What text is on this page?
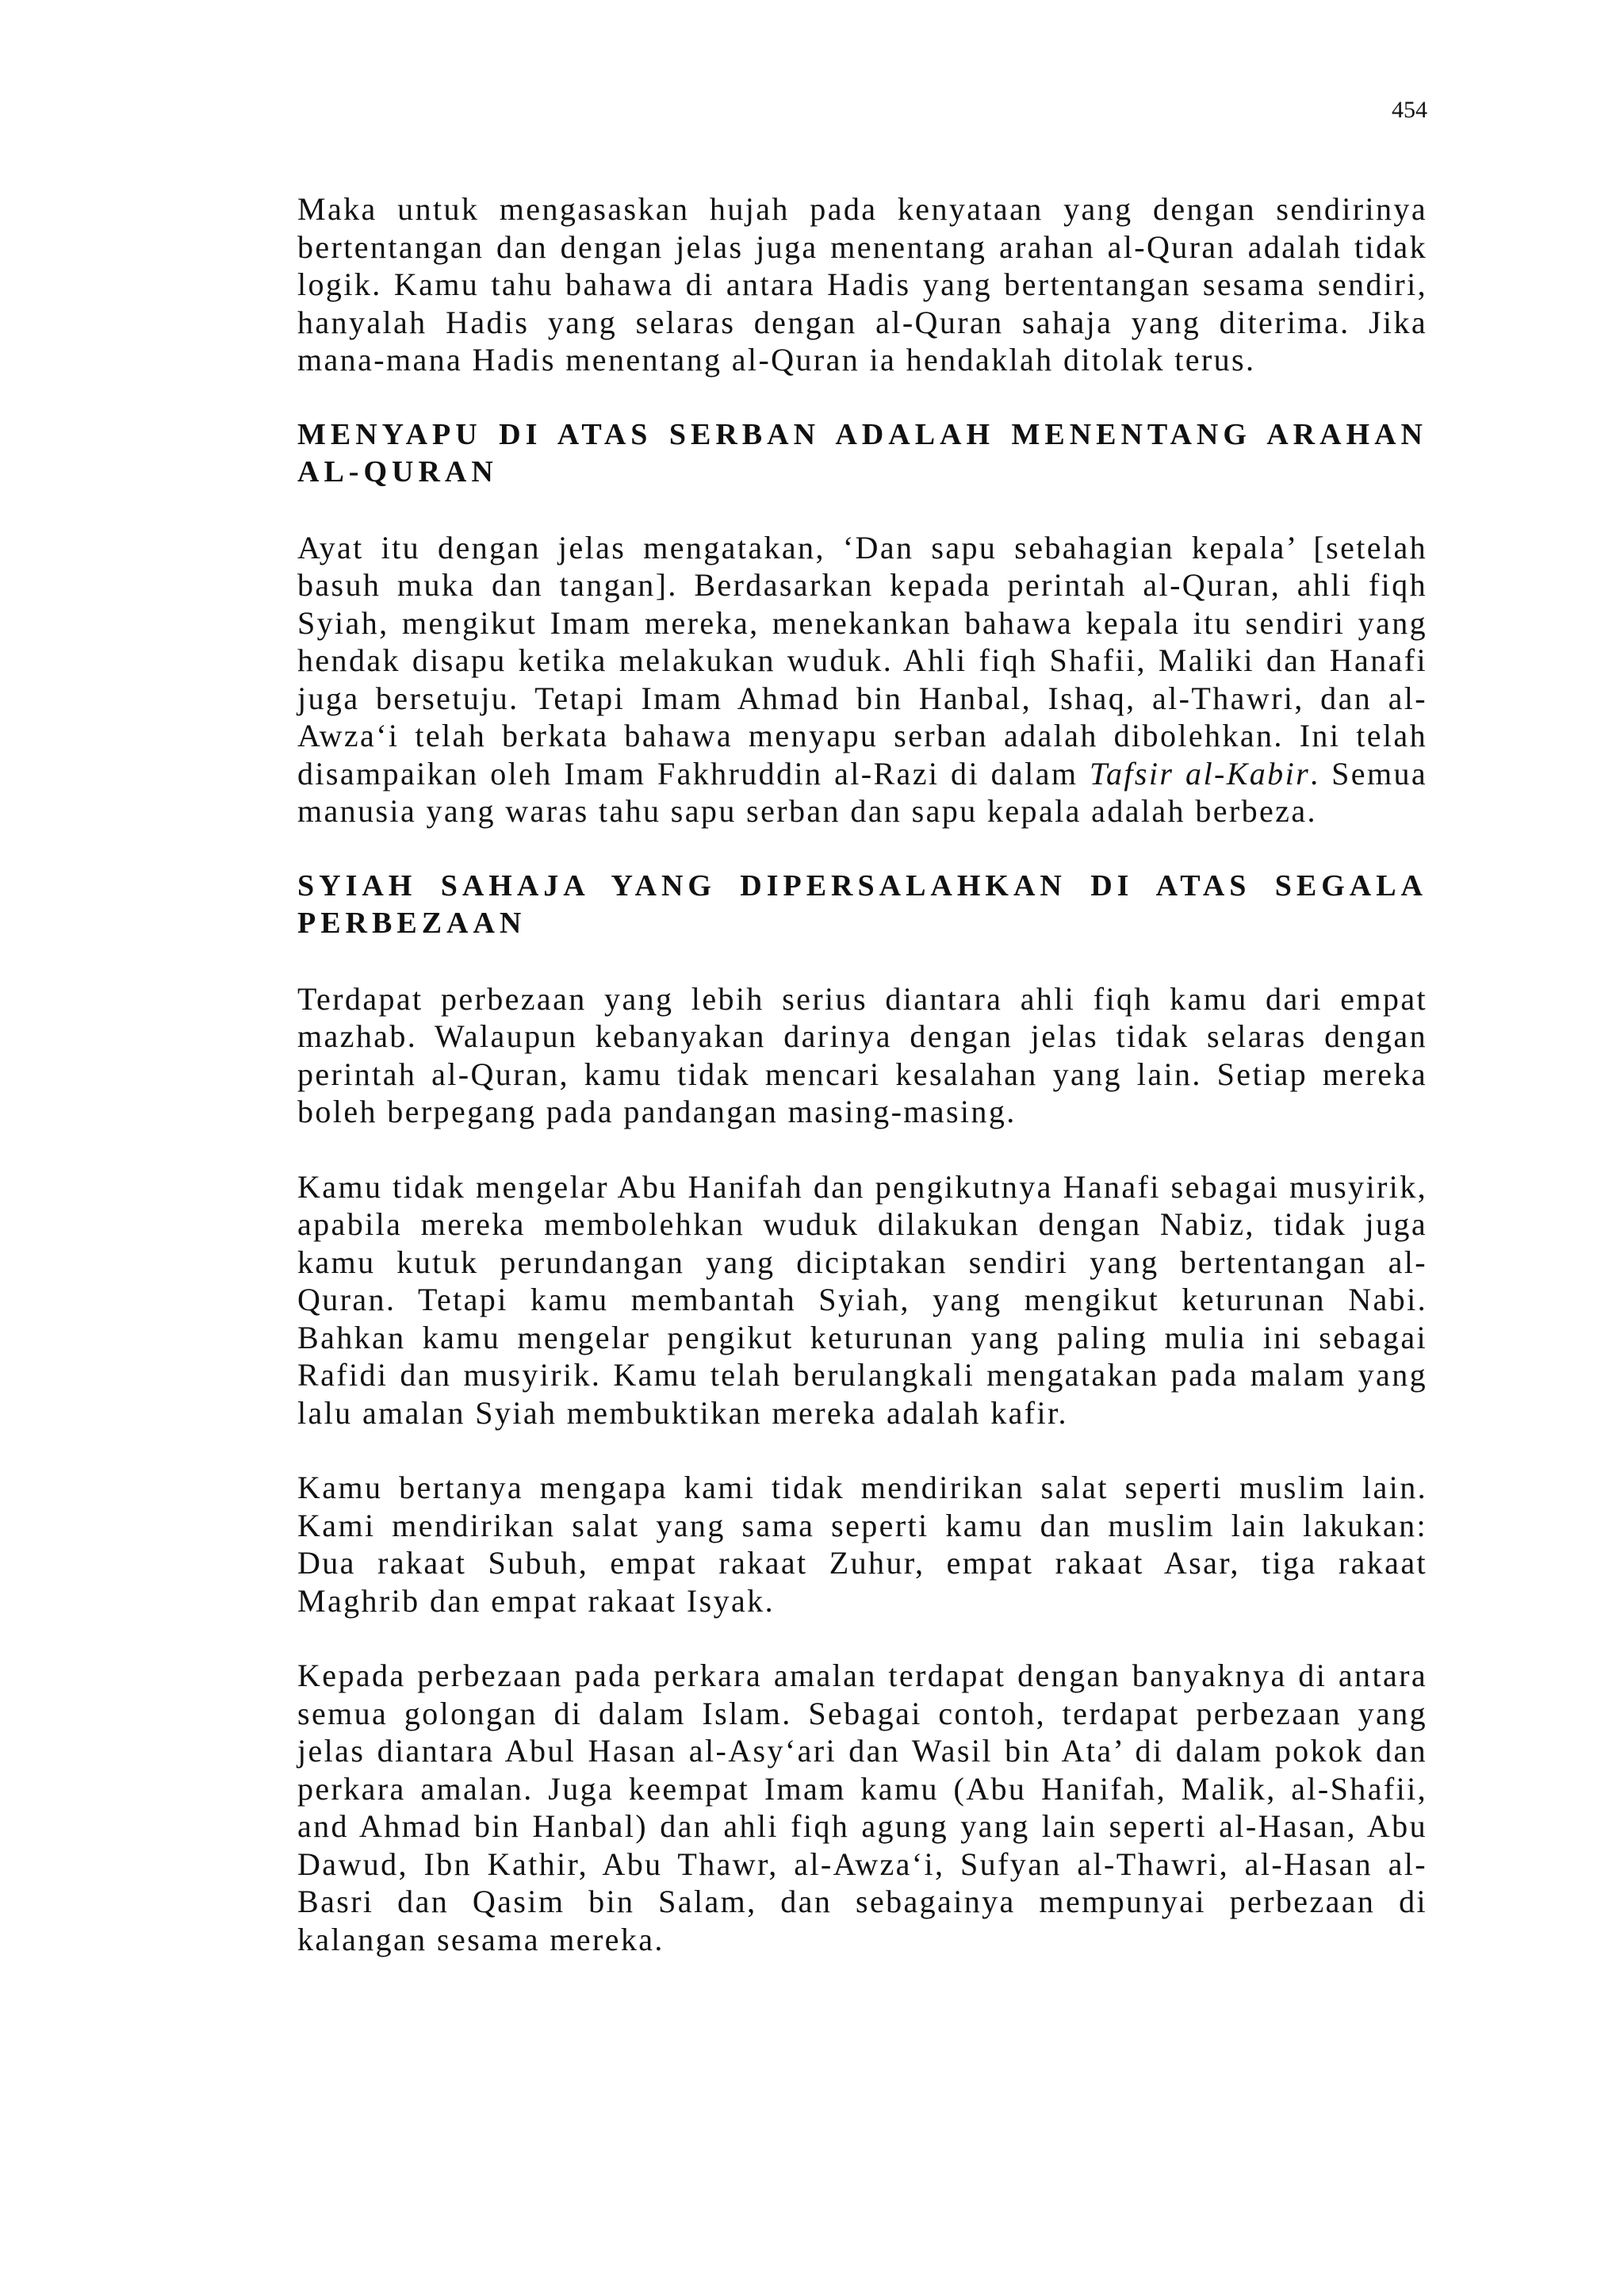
454

Maka untuk mengasaskan hujah pada kenyataan yang dengan sendirinya bertentangan dan dengan jelas juga menentang arahan al-Quran adalah tidak logik. Kamu tahu bahawa di antara Hadis yang bertentangan sesama sendiri, hanyalah Hadis yang selaras dengan al-Quran sahaja yang diterima. Jika mana-mana Hadis menentang al-Quran ia hendaklah ditolak terus.

MENYAPU DI ATAS SERBAN ADALAH MENENTANG ARAHAN AL-QURAN

Ayat itu dengan jelas mengatakan, ‘Dan sapu sebahagian kepala’ [setelah basuh muka dan tangan]. Berdasarkan kepada perintah al-Quran, ahli fiqh Syiah, mengikut Imam mereka, menekankan bahawa kepala itu sendiri yang hendak disapu ketika melakukan wuduk. Ahli fiqh Shafii, Maliki dan Hanafi juga bersetuju. Tetapi Imam Ahmad bin Hanbal, Ishaq, al-Thawri, dan al-Awza‘i telah berkata bahawa menyapu serban adalah dibolehkan. Ini telah disampaikan oleh Imam Fakhruddin al-Razi di dalam Tafsir al-Kabir. Semua manusia yang waras tahu sapu serban dan sapu kepala adalah berbeza.

SYIAH SAHAJA YANG DIPERSALAHKAN DI ATAS SEGALA PERBEZAAN

Terdapat perbezaan yang lebih serius diantara ahli fiqh kamu dari empat mazhab. Walaupun kebanyakan darinya dengan jelas tidak selaras dengan perintah al-Quran, kamu tidak mencari kesalahan yang lain. Setiap mereka boleh berpegang pada pandangan masing-masing.

Kamu tidak mengelar Abu Hanifah dan pengikutnya Hanafi sebagai musyirik, apabila mereka membolehkan wuduk dilakukan dengan Nabiz, tidak juga kamu kutuk perundangan yang diciptakan sendiri yang bertentangan al-Quran. Tetapi kamu membantah Syiah, yang mengikut keturunan Nabi. Bahkan kamu mengelar pengikut keturunan yang paling mulia ini sebagai Rafidi dan musyirik. Kamu telah berulangkali mengatakan pada malam yang lalu amalan Syiah membuktikan mereka adalah kafir.

Kamu bertanya mengapa kami tidak mendirikan salat seperti muslim lain. Kami mendirikan salat yang sama seperti kamu dan muslim lain lakukan: Dua rakaat Subuh, empat rakaat Zuhur, empat rakaat Asar, tiga rakaat Maghrib dan empat rakaat Isyak.

Kepada perbezaan pada perkara amalan terdapat dengan banyaknya di antara semua golongan di dalam Islam. Sebagai contoh, terdapat perbezaan yang jelas diantara Abul Hasan al-Asy‘ari dan Wasil bin Ata’ di dalam pokok dan perkara amalan. Juga keempat Imam kamu (Abu Hanifah, Malik, al-Shafii, and Ahmad bin Hanbal) dan ahli fiqh agung yang lain seperti al-Hasan, Abu Dawud, Ibn Kathir, Abu Thawr, al-Awza‘i, Sufyan al-Thawri, al-Hasan al-Basri dan Qasim bin Salam, dan sebagainya mempunyai perbezaan di kalangan sesama mereka.
